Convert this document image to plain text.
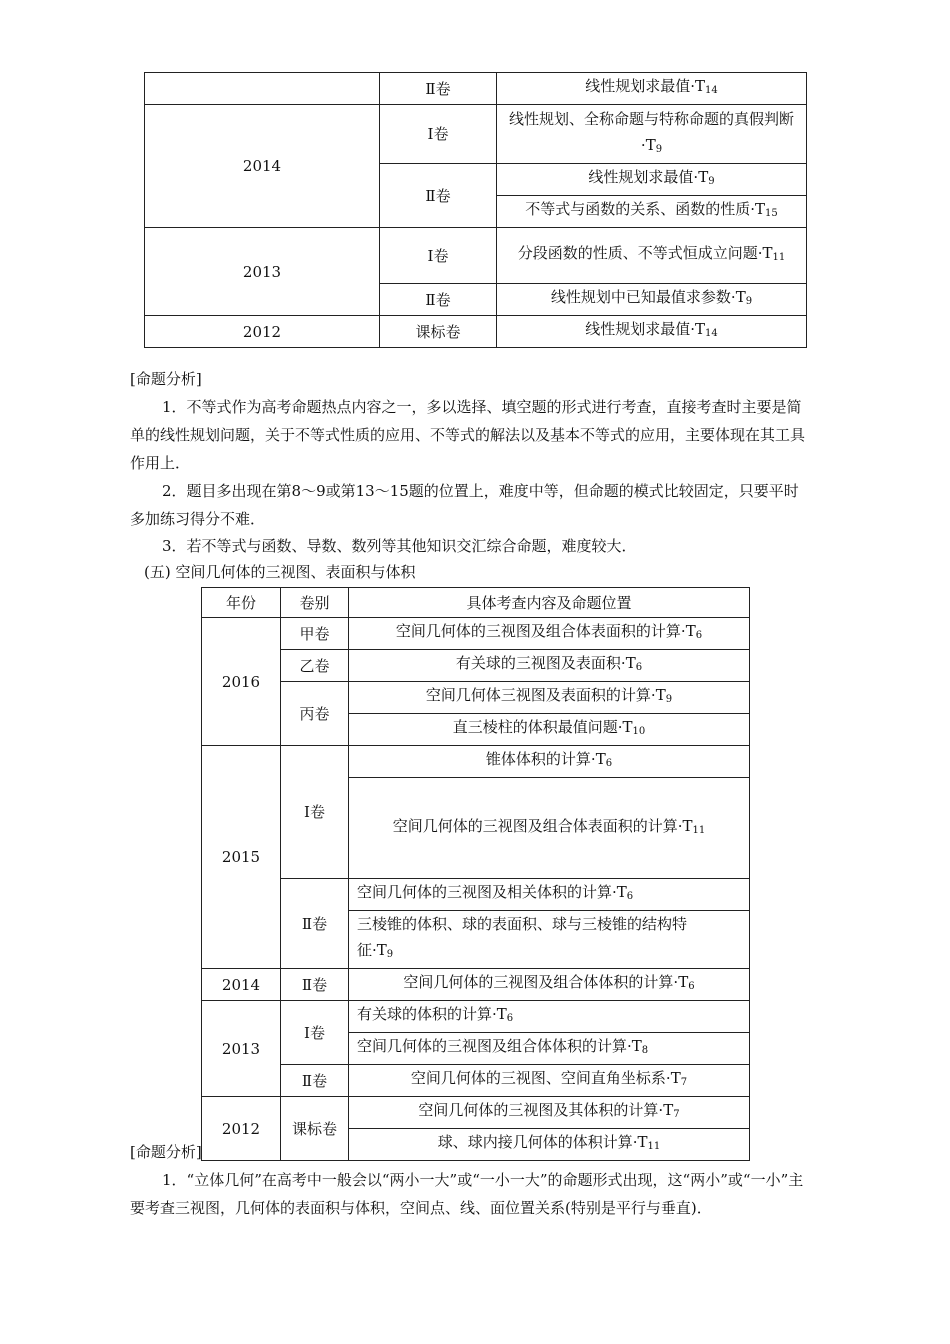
	Ⅱ卷	线性规划求最值$\cdot T_{14}$
2014	Ⅰ卷	线性规划、全称命题与特称命题的真假判断$\cdot T_9$
	Ⅱ卷	线性规划求最值$\cdot T_9$
		不等式与函数的关系、函数的性质$\cdot T_{15}$
2013	Ⅰ卷	分段函数的性质、不等式恒成立问题$\cdot T_{11}$
	Ⅱ卷	线性规划中已知最值求参数$\cdot T_9$
2012	课标卷	线性规划求最值$\cdot T_{14}$

[命题分析]

1．不等式作为高考命题热点内容之一，多以选择、填空题的形式进行考查，直接考查时主要是简单的线性规划问题，关于不等式性质的应用、不等式的解法以及基本不等式的应用，主要体现在其工具作用上．

2．题目多出现在第8～9或第13～15题的位置上，难度中等，但命题的模式比较固定，只要平时多加练习得分不难．

3．若不等式与函数、导数、数列等其他知识交汇综合命题，难度较大．

(五) 空间几何体的三视图、表面积与体积

年份	卷别	具体考查内容及命题位置
2016	甲卷	空间几何体的三视图及组合体表面积的计算$\cdot T_6$
	乙卷	有关球的三视图及表面积$\cdot T_6$
	丙卷	空间几何体三视图及表面积的计算$\cdot T_9$
		直三棱柱的体积最值问题$\cdot T_{10}$
2015	Ⅰ卷	锥体体积的计算$\cdot T_6$
		空间几何体的三视图及组合体表面积的计算$\cdot T_{11}$
	Ⅱ卷	空间几何体的三视图及相关体积的计算$\cdot T_6$
		三棱锥的体积、球的表面积、球与三棱锥的结构特
征$\cdot T_9$
2014	Ⅱ卷	空间几何体的三视图及组合体体积的计算$\cdot T_6$
2013	Ⅰ卷	有关球的体积的计算$\cdot T_6$
		空间几何体的三视图及组合体体积的计算$\cdot T_8$
	Ⅱ卷	空间几何体的三视图、空间直角坐标系$\cdot T_7$
2012	课标卷	空间几何体的三视图及其体积的计算$\cdot T_7$
		球、球内接几何体的体积计算$\cdot T_{11}$

[命题分析]

1．“立体几何”在高考中一般会以“两小一大”或“一小一大”的命题形式出现，这“两小”或“一小”主要考查三视图，几何体的表面积与体积，空间点、线、面位置关系(特别是平行与垂直)．
